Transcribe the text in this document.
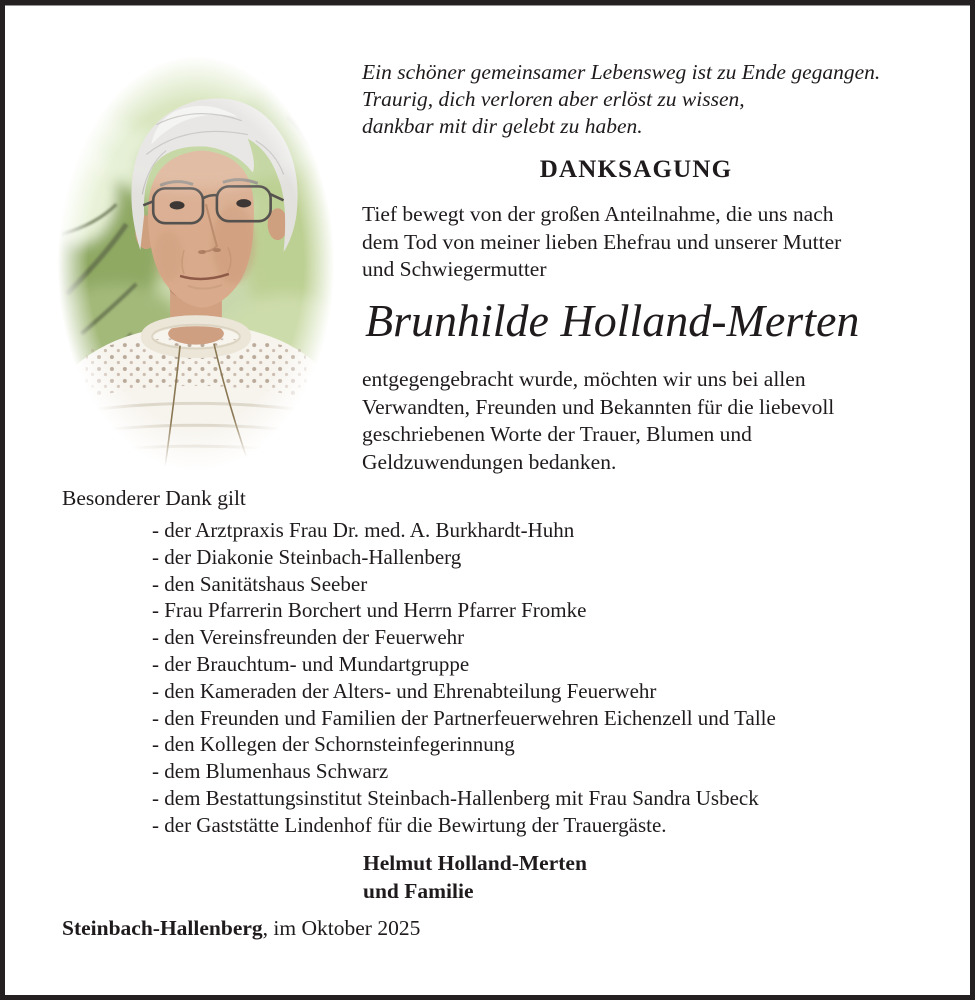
Ein schöner gemeinsamer Lebensweg ist zu Ende gegangen.
Traurig, dich verloren aber erlöst zu wissen,
dankbar mit dir gelebt zu haben.
DANKSAGUNG
Tief bewegt von der großen Anteilnahme, die uns nach
dem Tod von meiner lieben Ehefrau und unserer Mutter
und Schwiegermutter
Brunhilde Holland-Merten
entgegengebracht wurde, möchten wir uns bei allen
Verwandten, Freunden und Bekannten für die liebevoll
geschriebenen Worte der Trauer, Blumen und
Geldzuwendungen bedanken.
Besonderer Dank gilt
- der Arztpraxis Frau Dr. med. A. Burkhardt-Huhn
- der Diakonie Steinbach-Hallenberg
- den Sanitätshaus Seeber
- Frau Pfarrerin Borchert und Herrn Pfarrer Fromke
- den Vereinsfreunden der Feuerwehr
- der Brauchtum- und Mundartgruppe
- den Kameraden der Alters- und Ehrenabteilung Feuerwehr
- den Freunden und Familien der Partnerfeuerwehren Eichenzell und Talle
- den Kollegen der Schornsteinfegerinnung
- dem Blumenhaus Schwarz
- dem Bestattungsinstitut Steinbach-Hallenberg mit Frau Sandra Usbeck
- der Gaststätte Lindenhof für die Bewirtung der Trauergäste.
Helmut Holland-Merten
und Familie
Steinbach-Hallenberg, im Oktober 2025
